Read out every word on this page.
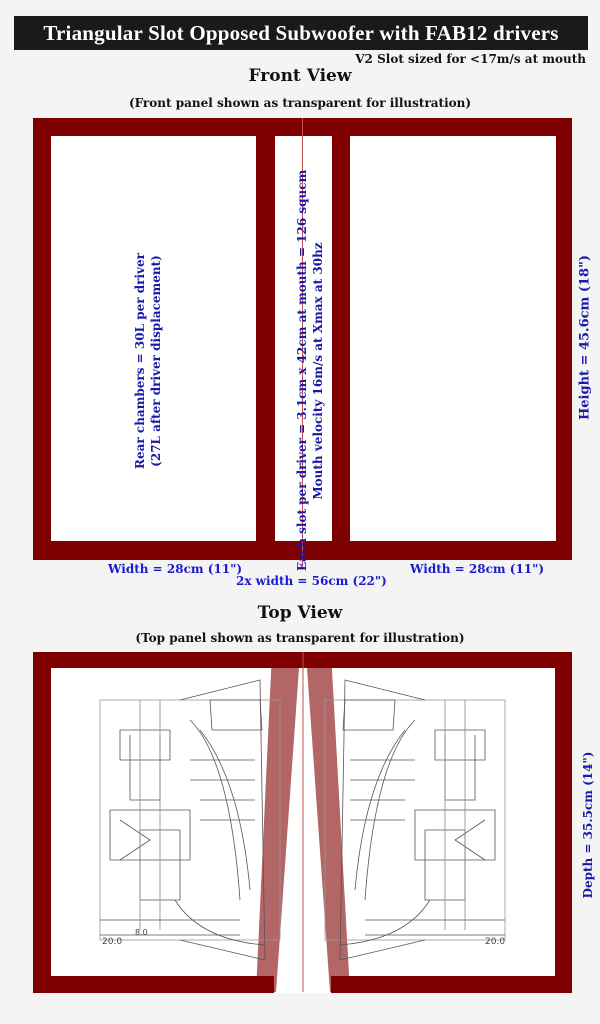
Triangular Slot Opposed Subwoofer with FAB12 drivers
V2 Slot sized for <17m/s at mouth
Front View
(Front panel shown as transparent for illustration)
Rear chambers = 30L per driver (27L after driver displacement)	Each slot per driver = 3.1cm x 42cm at mouth = 126 squcm Mouth velocity 16m/s at Xmax at 30hz	Height = 45.6cm (18")
Width = 28cm (11")
2x width = 56cm (22")
Width = 28cm (11")
Top View
(Top panel shown as transparent for illustration)
20.0
8.0
20.0
Depth = 35.5cm (14")
